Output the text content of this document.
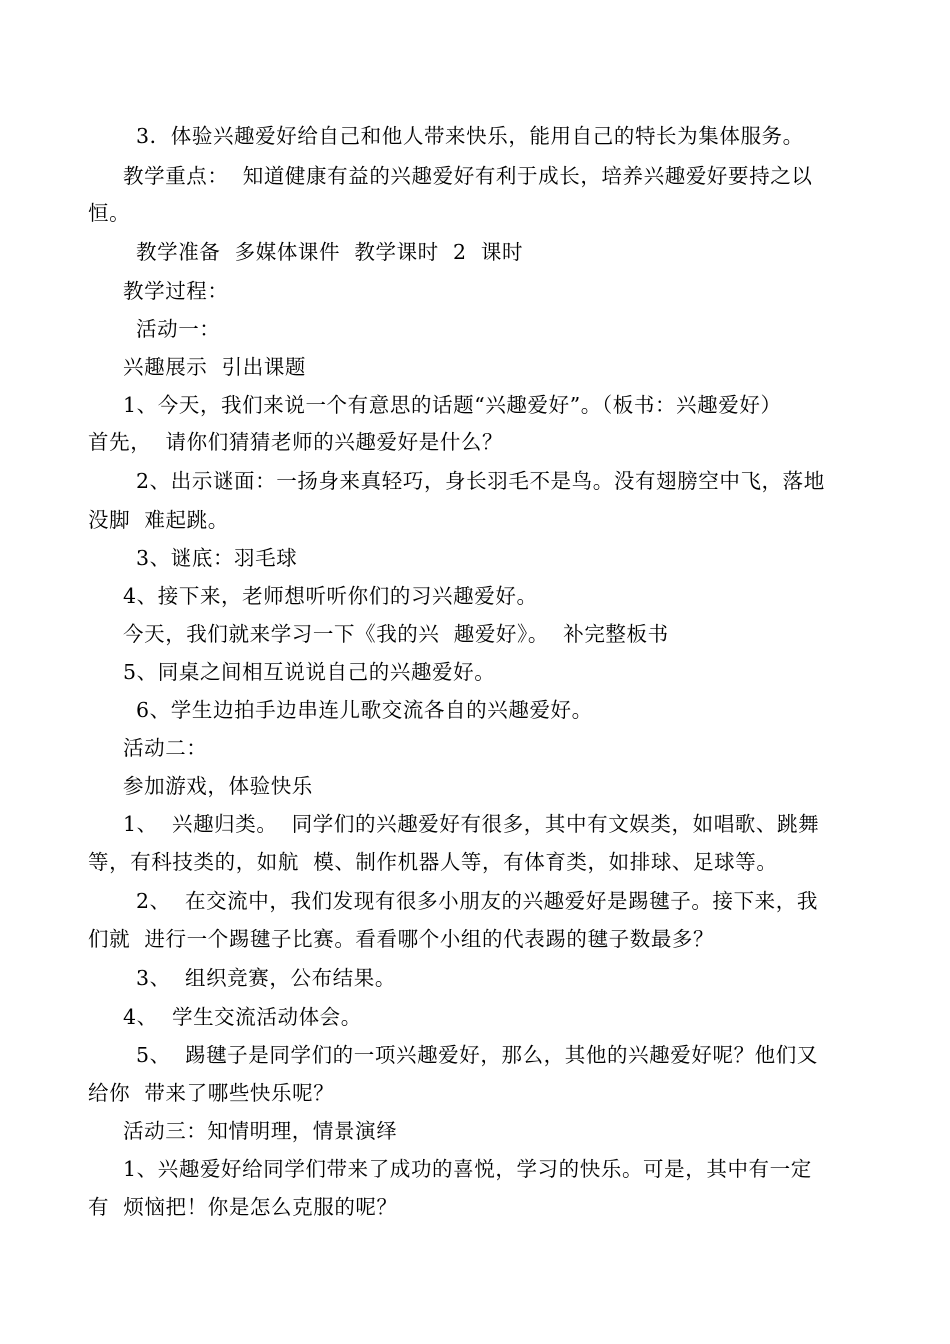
3．体验兴趣爱好给自己和他人带来快乐，能用自己的特长为集体服务。
教学重点：  知道健康有益的兴趣爱好有利于成长，培养兴趣爱好要持之以
恒。
教学准备  多媒体课件  教学课时  2  课时
教学过程：
活动一：
兴趣展示  引出课题
1、今天，我们来说一个有意思的话题“兴趣爱好”。（板书：兴趣爱好）
首先，  请你们猜猜老师的兴趣爱好是什么？
2、出示谜面：一扬身来真轻巧，身长羽毛不是鸟。没有翅膀空中飞，落地
没脚  难起跳。
3、谜底：羽毛球
4、接下来，老师想听听你们的习兴趣爱好。
今天，我们就来学习一下《我的兴  趣爱好》。  补完整板书
5、同桌之间相互说说自己的兴趣爱好。
6、学生边拍手边串连儿歌交流各自的兴趣爱好。
活动二：
参加游戏，体验快乐
1、  兴趣归类。  同学们的兴趣爱好有很多，其中有文娱类，如唱歌、跳舞
等，有科技类的，如航  模、制作机器人等，有体育类，如排球、足球等。
2、  在交流中，我们发现有很多小朋友的兴趣爱好是踢毽子。接下来，我
们就  进行一个踢毽子比赛。看看哪个小组的代表踢的毽子数最多？
3、  组织竞赛，公布结果。
4、  学生交流活动体会。
5、  踢毽子是同学们的一项兴趣爱好，那么，其他的兴趣爱好呢？他们又
给你  带来了哪些快乐呢？
活动三：知情明理，情景演绎
1、兴趣爱好给同学们带来了成功的喜悦，学习的快乐。可是，其中有一定
有  烦恼把！你是怎么克服的呢？
